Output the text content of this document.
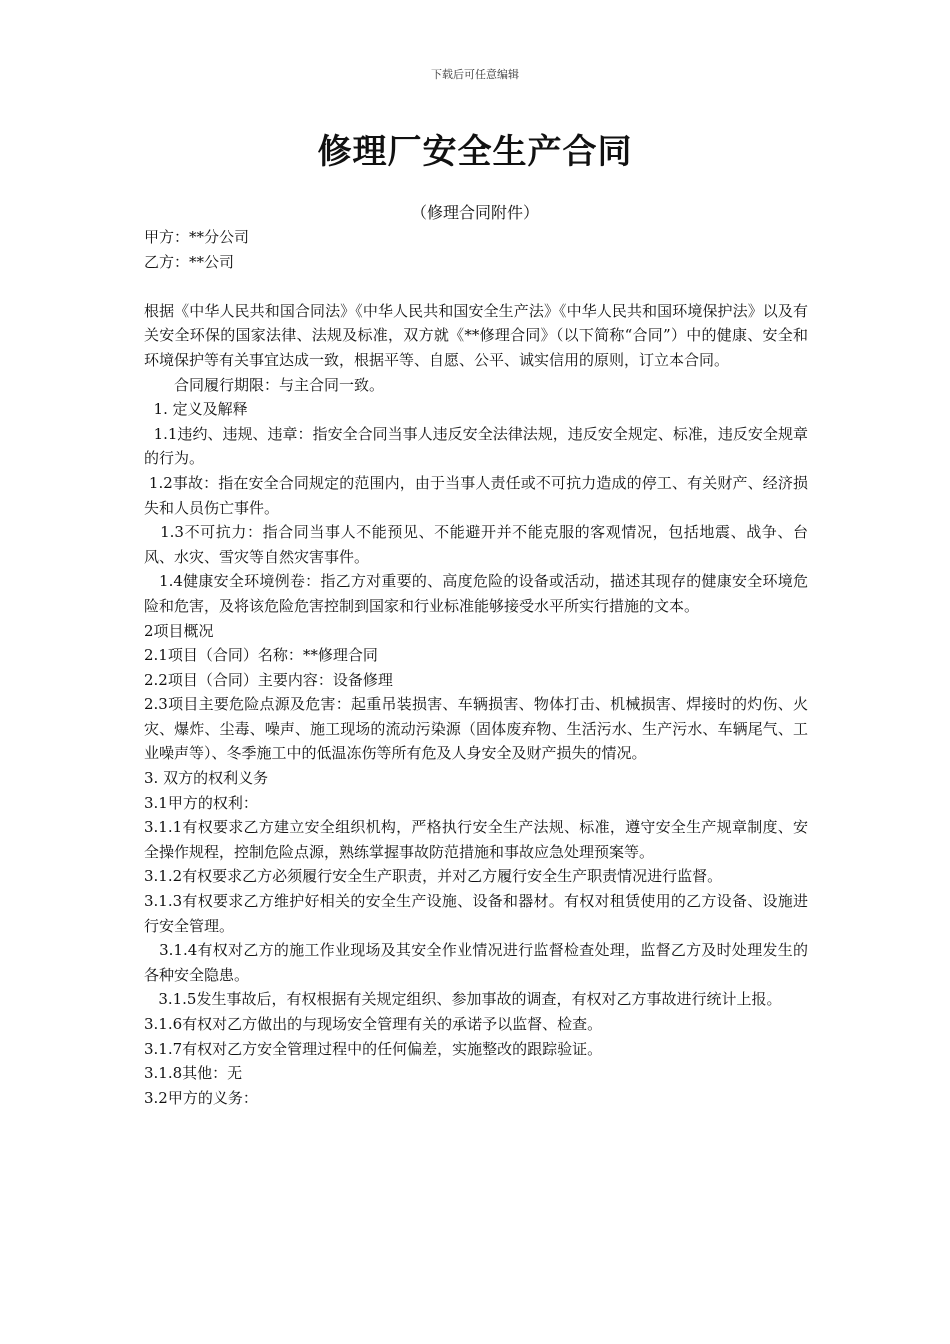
下载后可任意编辑
修理厂安全生产合同
（修理合同附件）

甲方：**分公司

乙方：**公司

根据《中华人民共和国合同法》《中华人民共和国安全生产法》《中华人民共和国环境保护法》以及有关安全环保的国家法律、法规及标准，双方就《**修理合同》（以下简称“合同”）中的健康、安全和环境保护等有关事宜达成一致，根据平等、自愿、公平、诚实信用的原则，订立本合同。

　　合同履行期限：与主合同一致。

1. 定义及解释

1.1违约、违规、违章：指安全合同当事人违反安全法律法规，违反安全规定、标准，违反安全规章的行为。

1.2事故：指在安全合同规定的范围内，由于当事人责任或不可抗力造成的停工、有关财产、经济损失和人员伤亡事件。

1.3不可抗力：指合同当事人不能预见、不能避开并不能克服的客观情况，包括地震、战争、台风、水灾、雪灾等自然灾害事件。

1.4健康安全环境例卷：指乙方对重要的、高度危险的设备或活动，描述其现存的健康安全环境危险和危害，及将该危险危害控制到国家和行业标准能够接受水平所实行措施的文本。

2项目概况

2.1项目（合同）名称：**修理合同

2.2项目（合同）主要内容：设备修理

2.3项目主要危险点源及危害：起重吊装损害、车辆损害、物体打击、机械损害、焊接时的灼伤、火灾、爆炸、尘毒、噪声、施工现场的流动污染源（固体废弃物、生活污水、生产污水、车辆尾气、工业噪声等）、冬季施工中的低温冻伤等所有危及人身安全及财产损失的情况。

3. 双方的权利义务

3.1甲方的权利：

3.1.1有权要求乙方建立安全组织机构，严格执行安全生产法规、标准，遵守安全生产规章制度、安全操作规程，控制危险点源，熟练掌握事故防范措施和事故应急处理预案等。

3.1.2有权要求乙方必须履行安全生产职责，并对乙方履行安全生产职责情况进行监督。

3.1.3有权要求乙方维护好相关的安全生产设施、设备和器材。有权对租赁使用的乙方设备、设施进行安全管理。

3.1.4有权对乙方的施工作业现场及其安全作业情况进行监督检查处理，监督乙方及时处理发生的各种安全隐患。

3.1.5发生事故后，有权根据有关规定组织、参加事故的调查，有权对乙方事故进行统计上报。

3.1.6有权对乙方做出的与现场安全管理有关的承诺予以监督、检查。

3.1.7有权对乙方安全管理过程中的任何偏差，实施整改的跟踪验证。

3.1.8其他：无

3.2甲方的义务：
